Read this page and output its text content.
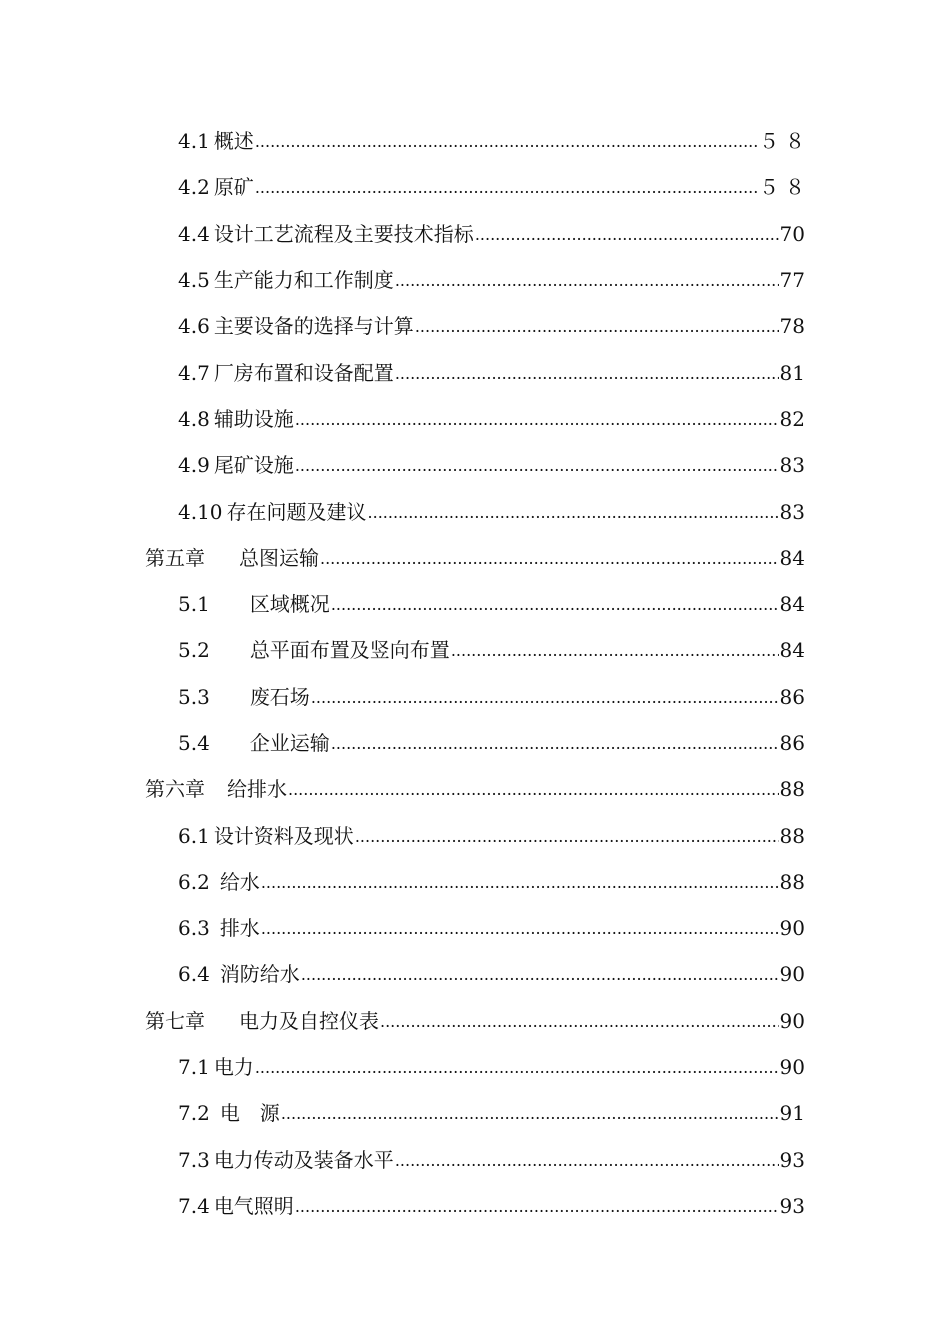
4.1 概述 .....	５８
4.2 原矿 .....	５８
4.4 设计工艺流程及主要技术指标 .....	70
4.5 生产能力和工作制度 .....	77
4.6 主要设备的选择与计算 .....	78
4.7 厂房布置和设备配置 .....	81
4.8 辅助设施 .....	82
4.9 尾矿设施 .....	83
4.10 存在问题及建议 .....	83
第五章 总图运输 .....	84
5.1 区域概况 .....	84
5.2 总平面布置及竖向布置 .....	84
5.3 废石场 .....	86
5.4 企业运输 .....	86
第六章 给排水 .....	88
6.1 设计资料及现状 .....	88
6.2 给水 .....	88
6.3 排水 .....	90
6.4 消防给水 .....	90
第七章 电力及自控仪表 .....	90
7.1 电力 .....	90
7.2 电　源 .....	91
7.3 电力传动及装备水平 .....	93
7.4 电气照明 .....	93
